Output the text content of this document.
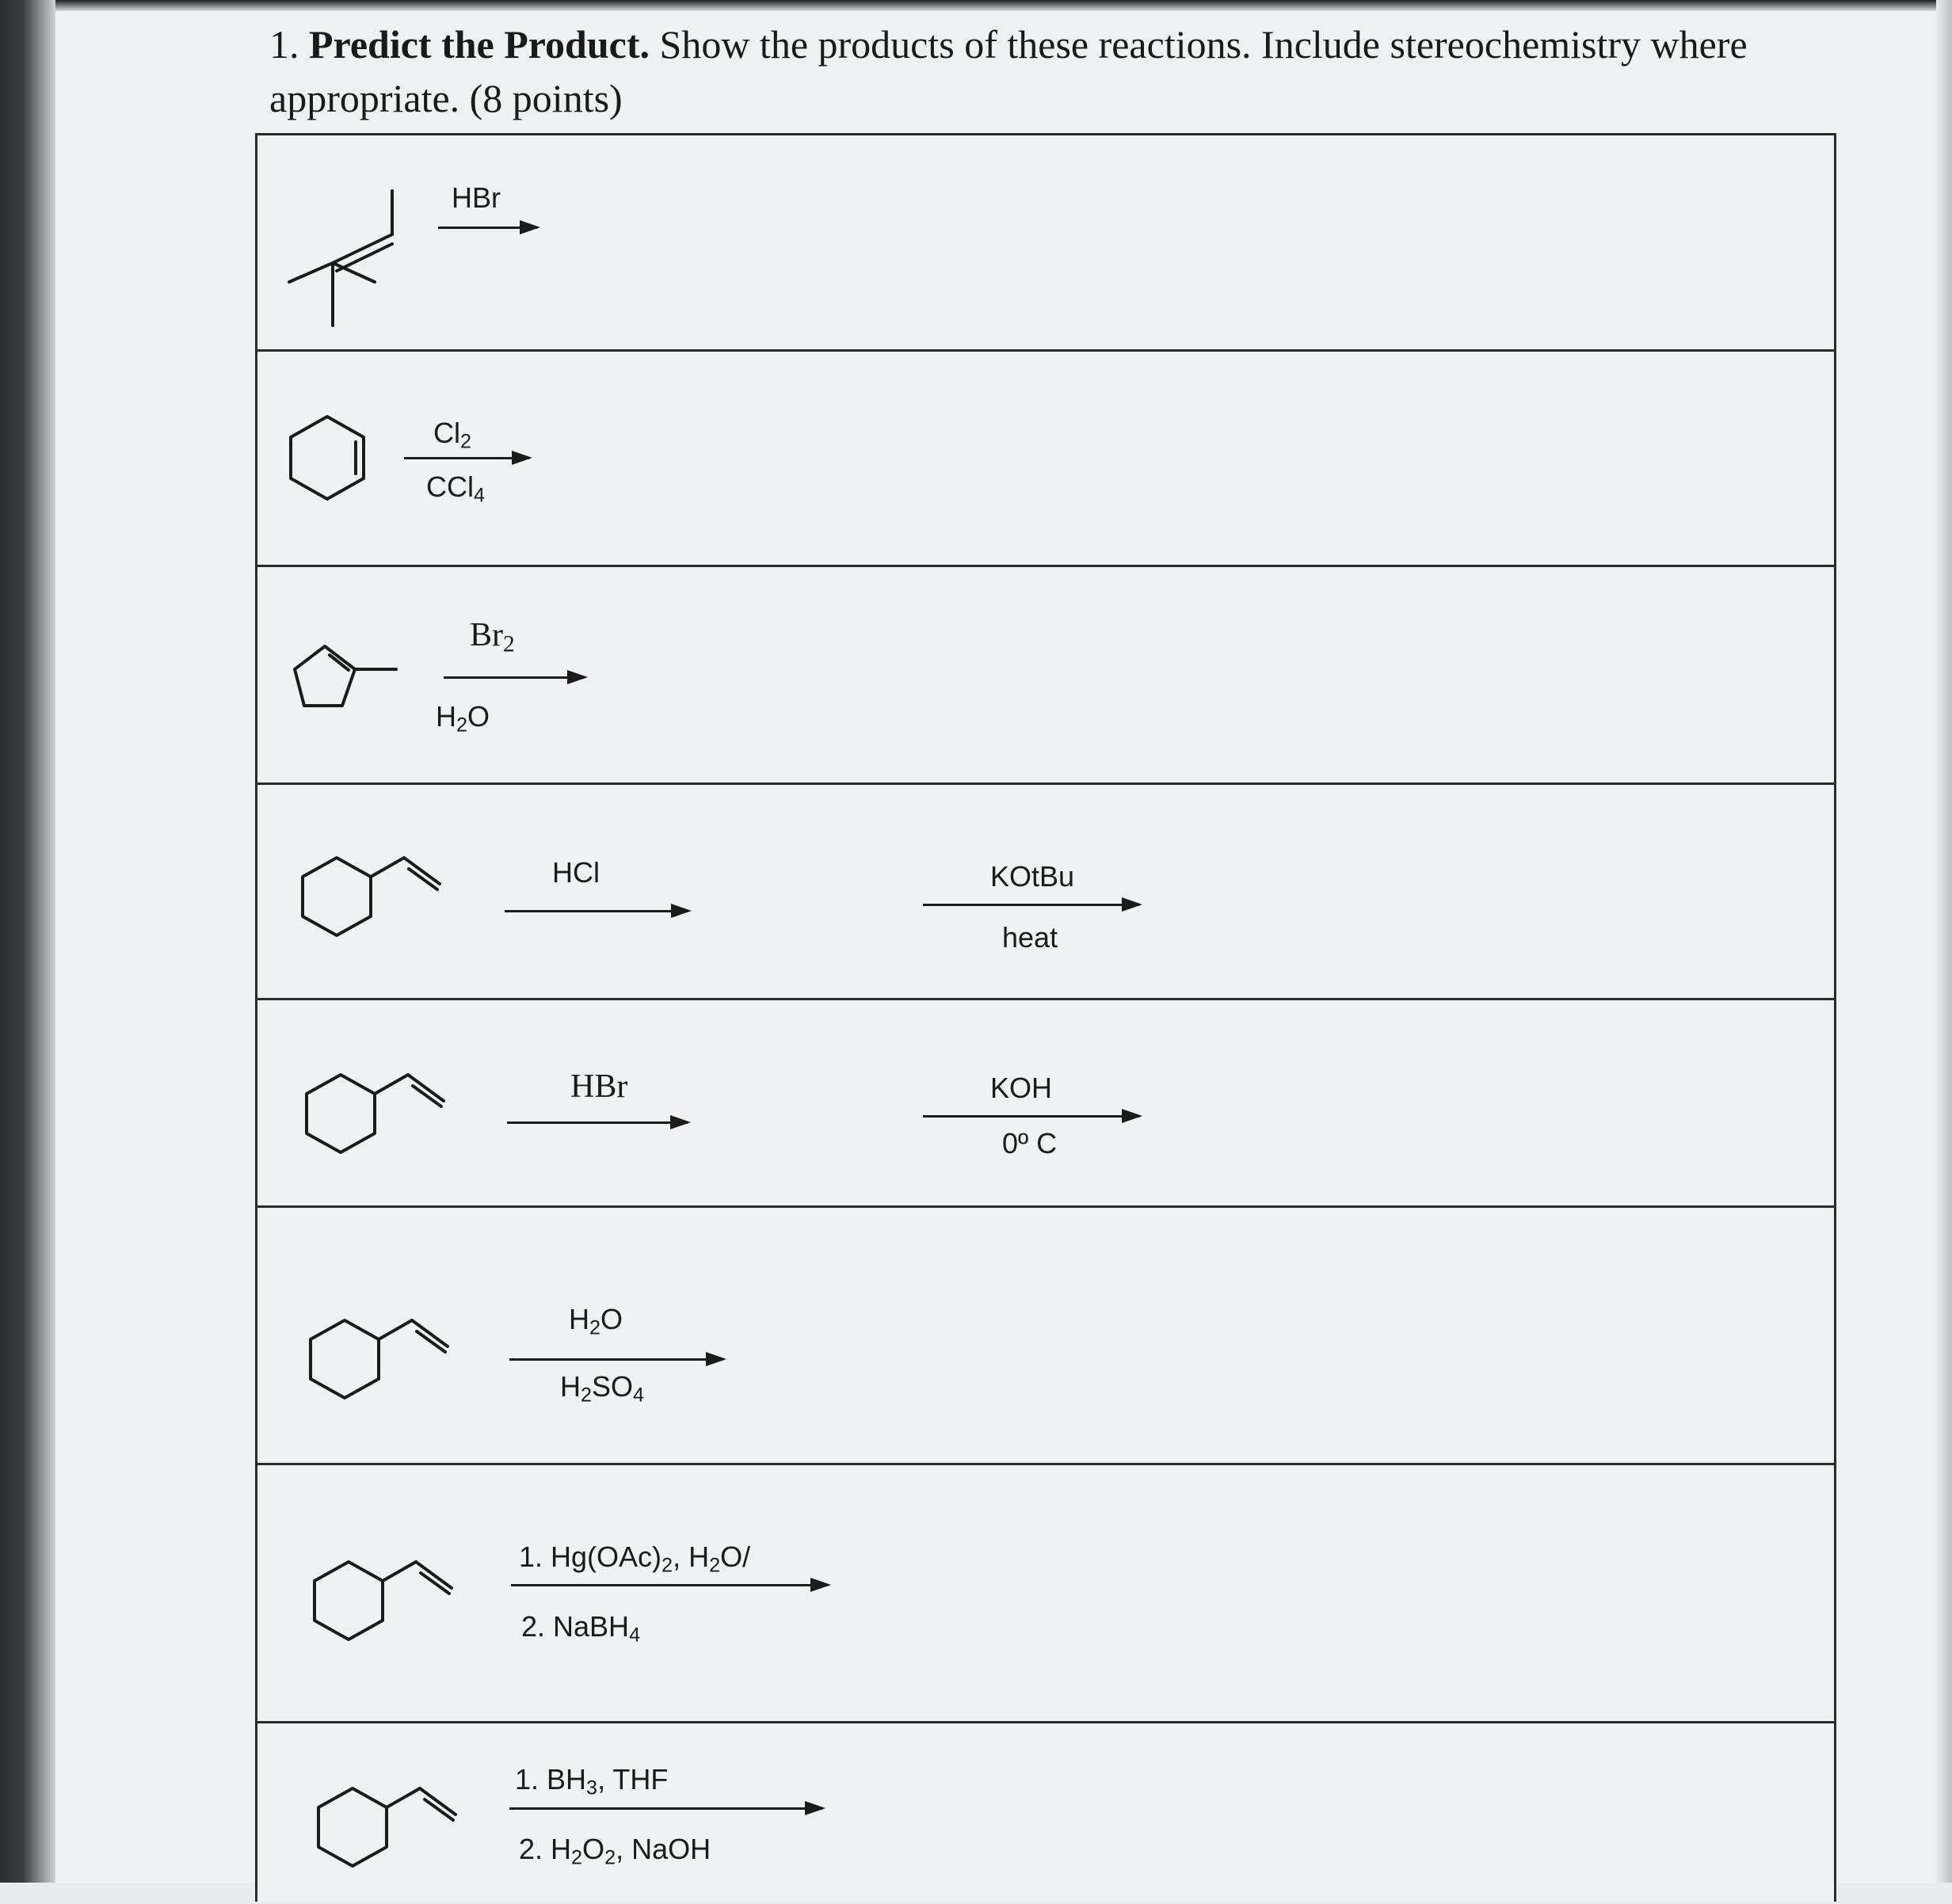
1. Predict the Product. Show the products of these reactions. Include stereochemistry where appropriate. (8 points)
HBr
$Cl_2$
CCl$_4$
$Br_2$
$H_2O$
HCl	KOtBu
heat
HBr	KOH
0º C
$H_2O$
$H_2SO_4$
1. $Hg(OAc)_2$, $H_2O/$
2. NaBH$_4$
1. $BH_3$, THF
2. $H_2O_2$, NaOH
